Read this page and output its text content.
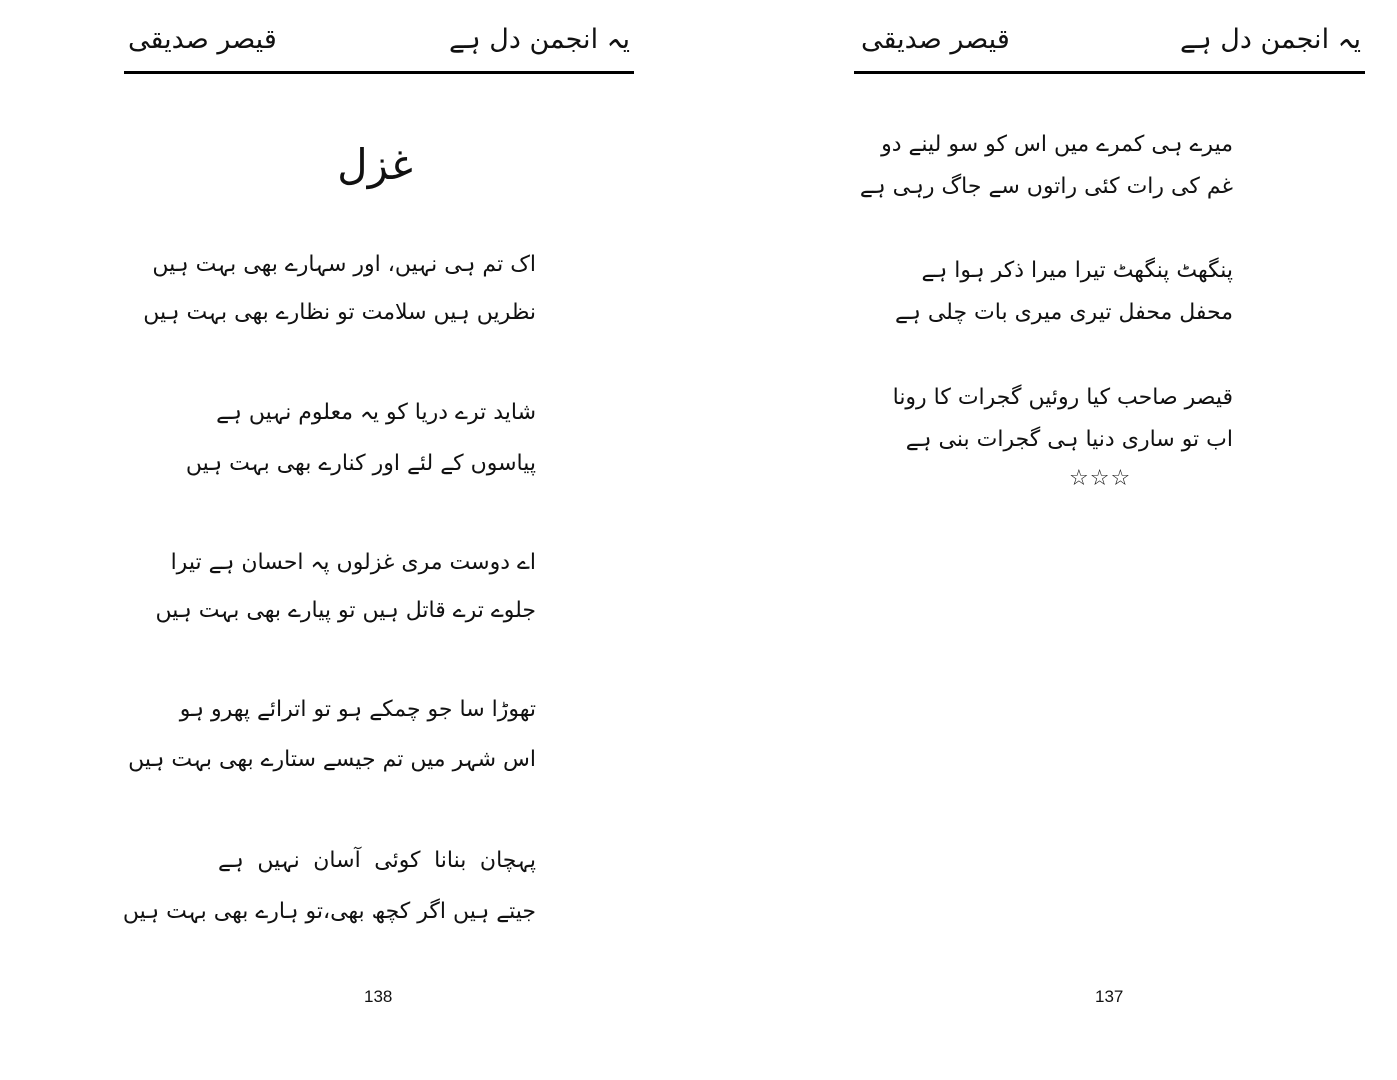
یہ انجمن دل ہے
قیصر صدیقی
غزل
اک تم ہی نہیں، اور سہارے بھی بہت ہیں
نظریں ہیں سلامت تو نظارے بھی بہت ہیں
شاید ترے دریا کو یہ معلوم نہیں ہے
پیاسوں کے لئے اور کنارے بھی بہت ہیں
اے دوست مری غزلوں پہ احسان ہے تیرا
جلوے ترے قاتل ہیں تو پیارے بھی بہت ہیں
تھوڑا سا جو چمکے ہو تو اترائے پھرو ہو
اس شہر میں تم جیسے ستارے بھی بہت ہیں
پہچان بنانا کوئی آسان نہیں ہے
جیتے ہیں اگر کچھ بھی،تو ہارے بھی بہت ہیں
138
یہ انجمن دل ہے
قیصر صدیقی
میرے ہی کمرے میں اس کو سو لینے دو
غم کی رات کئی راتوں سے جاگ رہی ہے
پنگھٹ پنگھٹ تیرا میرا ذکر ہوا ہے
محفل محفل تیری میری بات چلی ہے
قیصر صاحب کیا روئیں گجرات کا رونا
اب تو ساری دنیا ہی گجرات بنی ہے
☆☆☆
137
